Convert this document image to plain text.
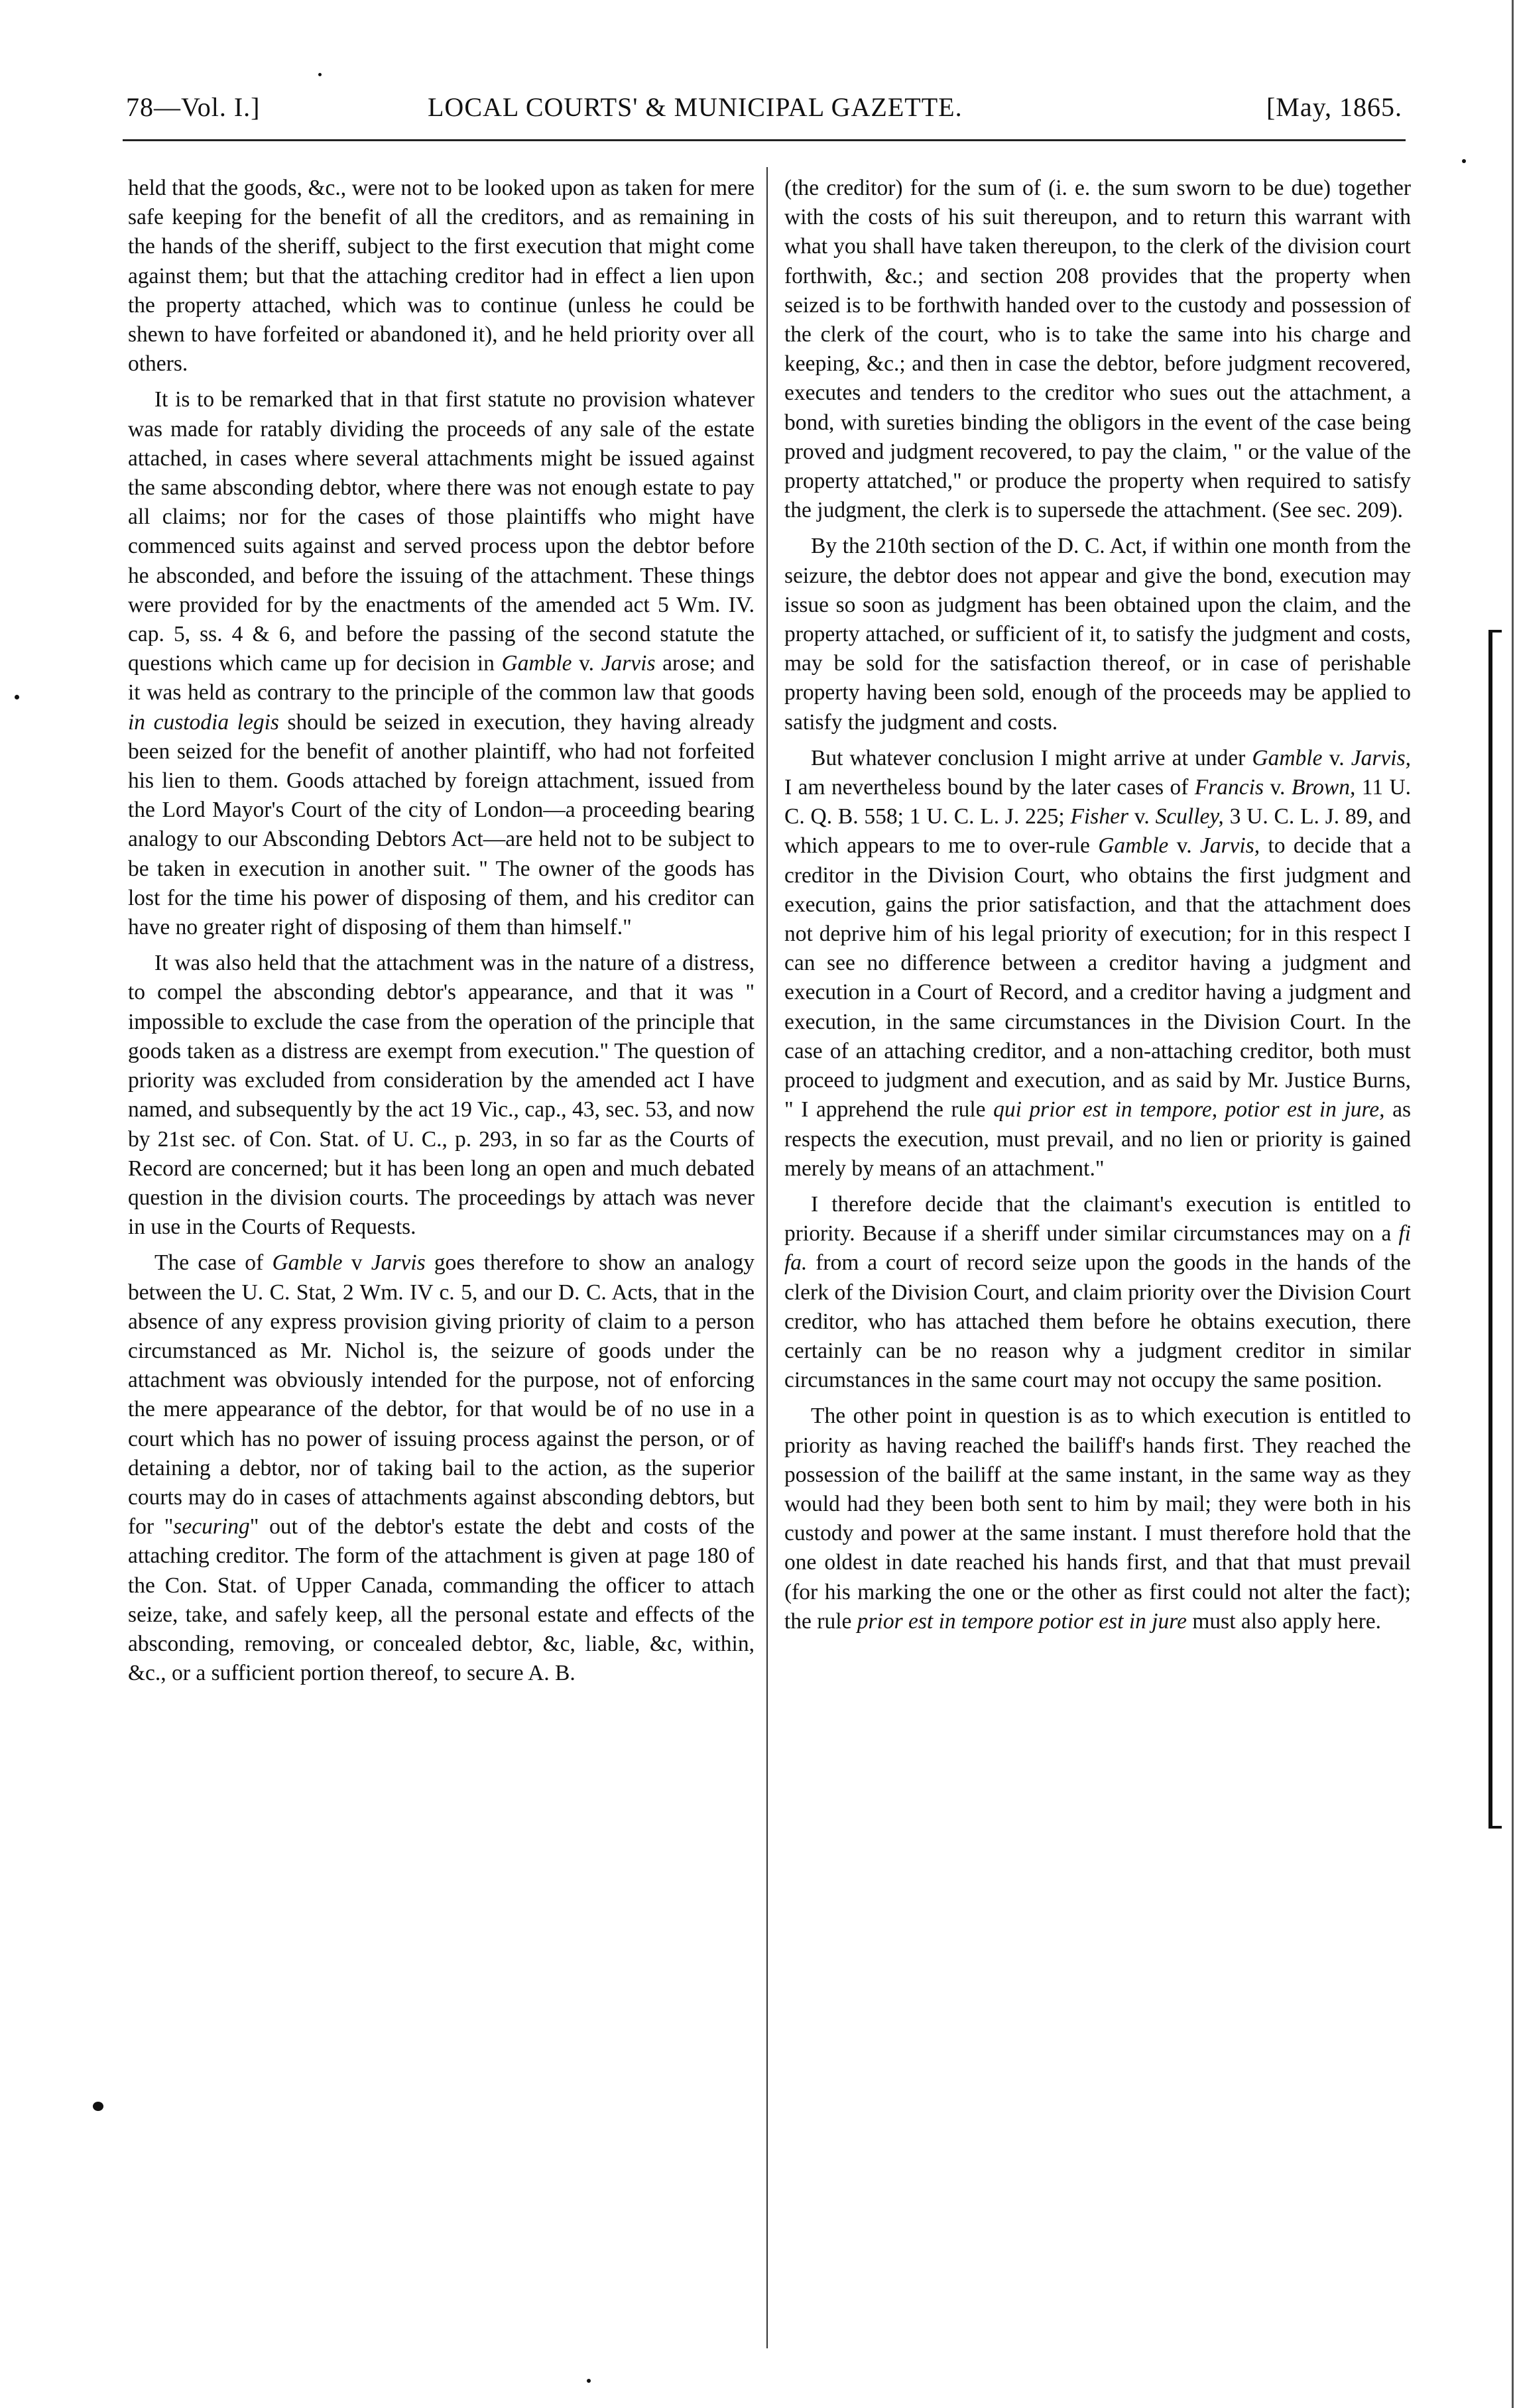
78—Vol. I.]	LOCAL COURTS' & MUNICIPAL GAZETTE.	[May, 1865.

held that the goods, &c., were not to be looked upon as taken for mere safe keeping for the benefit of all the creditors, and as remaining in the hands of the sheriff, subject to the first execution that might come against them; but that the attaching creditor had in effect a lien upon the property attached, which was to continue (unless he could be shewn to have forfeited or abandoned it), and he held priority over all others.

It is to be remarked that in that first statute no provision whatever was made for ratably dividing the proceeds of any sale of the estate attached, in cases where several attachments might be issued against the same absconding debtor, where there was not enough estate to pay all claims; nor for the cases of those plaintiffs who might have commenced suits against and served process upon the debtor before he absconded, and before the issuing of the attachment. These things were provided for by the enactments of the amended act 5 Wm. IV. cap. 5, ss. 4 & 6, and before the passing of the second statute the questions which came up for decision in Gamble v. Jarvis arose; and it was held as contrary to the principle of the common law that goods in custodia legis should be seized in execution, they having already been seized for the benefit of another plaintiff, who had not forfeited his lien to them. Goods attached by foreign attachment, issued from the Lord Mayor's Court of the city of London—a proceeding bearing analogy to our Absconding Debtors Act—are held not to be subject to be taken in execution in another suit. " The owner of the goods has lost for the time his power of disposing of them, and his creditor can have no greater right of disposing of them than himself."

It was also held that the attachment was in the nature of a distress, to compel the absconding debtor's appearance, and that it was " impossible to exclude the case from the operation of the principle that goods taken as a distress are exempt from execution." The question of priority was excluded from consideration by the amended act I have named, and subsequently by the act 19 Vic., cap., 43, sec. 53, and now by 21st sec. of Con. Stat. of U. C., p. 293, in so far as the Courts of Record are concerned; but it has been long an open and much debated question in the division courts. The proceedings by attach was never in use in the Courts of Requests.

The case of Gamble v Jarvis goes therefore to show an analogy between the U. C. Stat, 2 Wm. IV c. 5, and our D. C. Acts, that in the absence of any express provision giving priority of claim to a person circumstanced as Mr. Nichol is, the seizure of goods under the attachment was obviously intended for the purpose, not of enforcing the mere appearance of the debtor, for that would be of no use in a court which has no power of issuing process against the person, or of detaining a debtor, nor of taking bail to the action, as the superior courts may do in cases of attachments against absconding debtors, but for "securing" out of the debtor's estate the debt and costs of the attaching creditor. The form of the attachment is given at page 180 of the Con. Stat. of Upper Canada, commanding the officer to attach seize, take, and safely keep, all the personal estate and effects of the absconding, removing, or concealed debtor, &c, liable, &c, within, &c., or a sufficient portion thereof, to secure A. B.

(the creditor) for the sum of (i. e. the sum sworn to be due) together with the costs of his suit thereupon, and to return this warrant with what you shall have taken thereupon, to the clerk of the division court forthwith, &c.; and section 208 provides that the property when seized is to be forthwith handed over to the custody and possession of the clerk of the court, who is to take the same into his charge and keeping, &c.; and then in case the debtor, before judgment recovered, executes and tenders to the creditor who sues out the attachment, a bond, with sureties binding the obligors in the event of the case being proved and judgment recovered, to pay the claim, " or the value of the property attatched," or produce the property when required to satisfy the judgment, the clerk is to supersede the attachment. (See sec. 209).

By the 210th section of the D. C. Act, if within one month from the seizure, the debtor does not appear and give the bond, execution may issue so soon as judgment has been obtained upon the claim, and the property attached, or sufficient of it, to satisfy the judgment and costs, may be sold for the satisfaction thereof, or in case of perishable property having been sold, enough of the proceeds may be applied to satisfy the judgment and costs.

But whatever conclusion I might arrive at under Gamble v. Jarvis, I am nevertheless bound by the later cases of Francis v. Brown, 11 U. C. Q. B. 558; 1 U. C. L. J. 225; Fisher v. Sculley, 3 U. C. L. J. 89, and which appears to me to over-rule Gamble v. Jarvis, to decide that a creditor in the Division Court, who obtains the first judgment and execution, gains the prior satisfaction, and that the attachment does not deprive him of his legal priority of execution; for in this respect I can see no difference between a creditor having a judgment and execution in a Court of Record, and a creditor having a judgment and execution, in the same circumstances in the Division Court. In the case of an attaching creditor, and a non-attaching creditor, both must proceed to judgment and execution, and as said by Mr. Justice Burns, " I apprehend the rule qui prior est in tempore, potior est in jure, as respects the execution, must prevail, and no lien or priority is gained merely by means of an attachment."

I therefore decide that the claimant's execution is entitled to priority. Because if a sheriff under similar circumstances may on a fi fa. from a court of record seize upon the goods in the hands of the clerk of the Division Court, and claim priority over the Division Court creditor, who has attached them before he obtains execution, there certainly can be no reason why a judgment creditor in similar circumstances in the same court may not occupy the same position.

The other point in question is as to which execution is entitled to priority as having reached the bailiff's hands first. They reached the possession of the bailiff at the same instant, in the same way as they would had they been both sent to him by mail; they were both in his custody and power at the same instant. I must therefore hold that the one oldest in date reached his hands first, and that that must prevail (for his marking the one or the other as first could not alter the fact); the rule prior est in tempore potior est in jure must also apply here.
